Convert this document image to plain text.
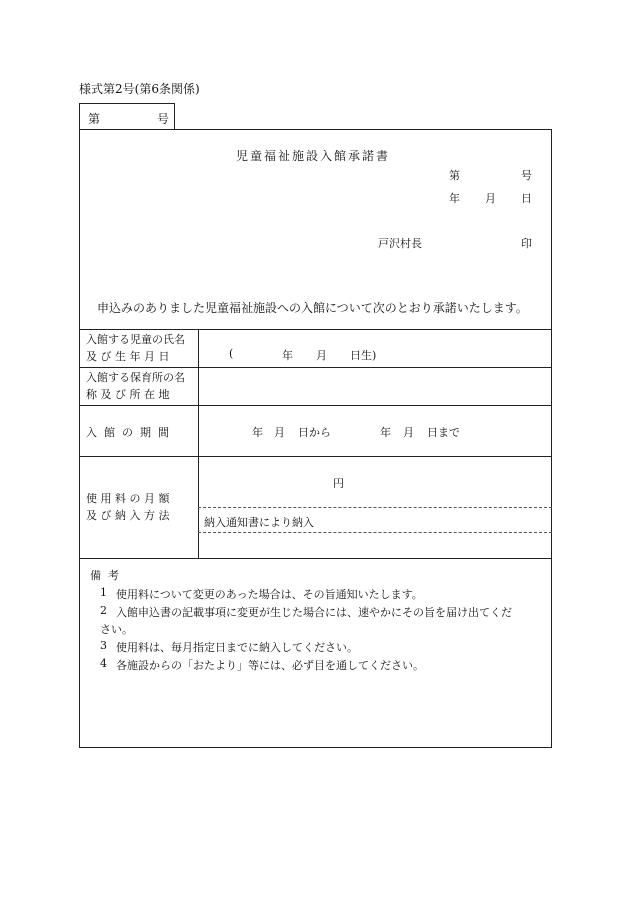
様式第2号(第6条関係)
第	号
児童福祉施設入館承諾書
第	号
年 月 日
戸沢村長	印
申込みのありました児童福祉施設への入館について次のとおり承諾いたします。
入館する児童の氏名
及 び 生 年 月 日	(	年 月 日生)
入館する保育所の名
称 及 び 所 在 地
入  館  の  期  間	年 月 日から	年 月 日まで
使 用 料 の 月 額
及 び 納 入 方 法
円
納入通知書により納入
備  考
1 使用料について変更のあった場合は、その旨通知いたします。
2 入館申込書の記載事項に変更が生じた場合には、速やかにその旨を届け出てくだ
さい。
3 使用料は、毎月指定日までに納入してください。
4 各施設からの「おたより」等には、必ず目を通してください。
